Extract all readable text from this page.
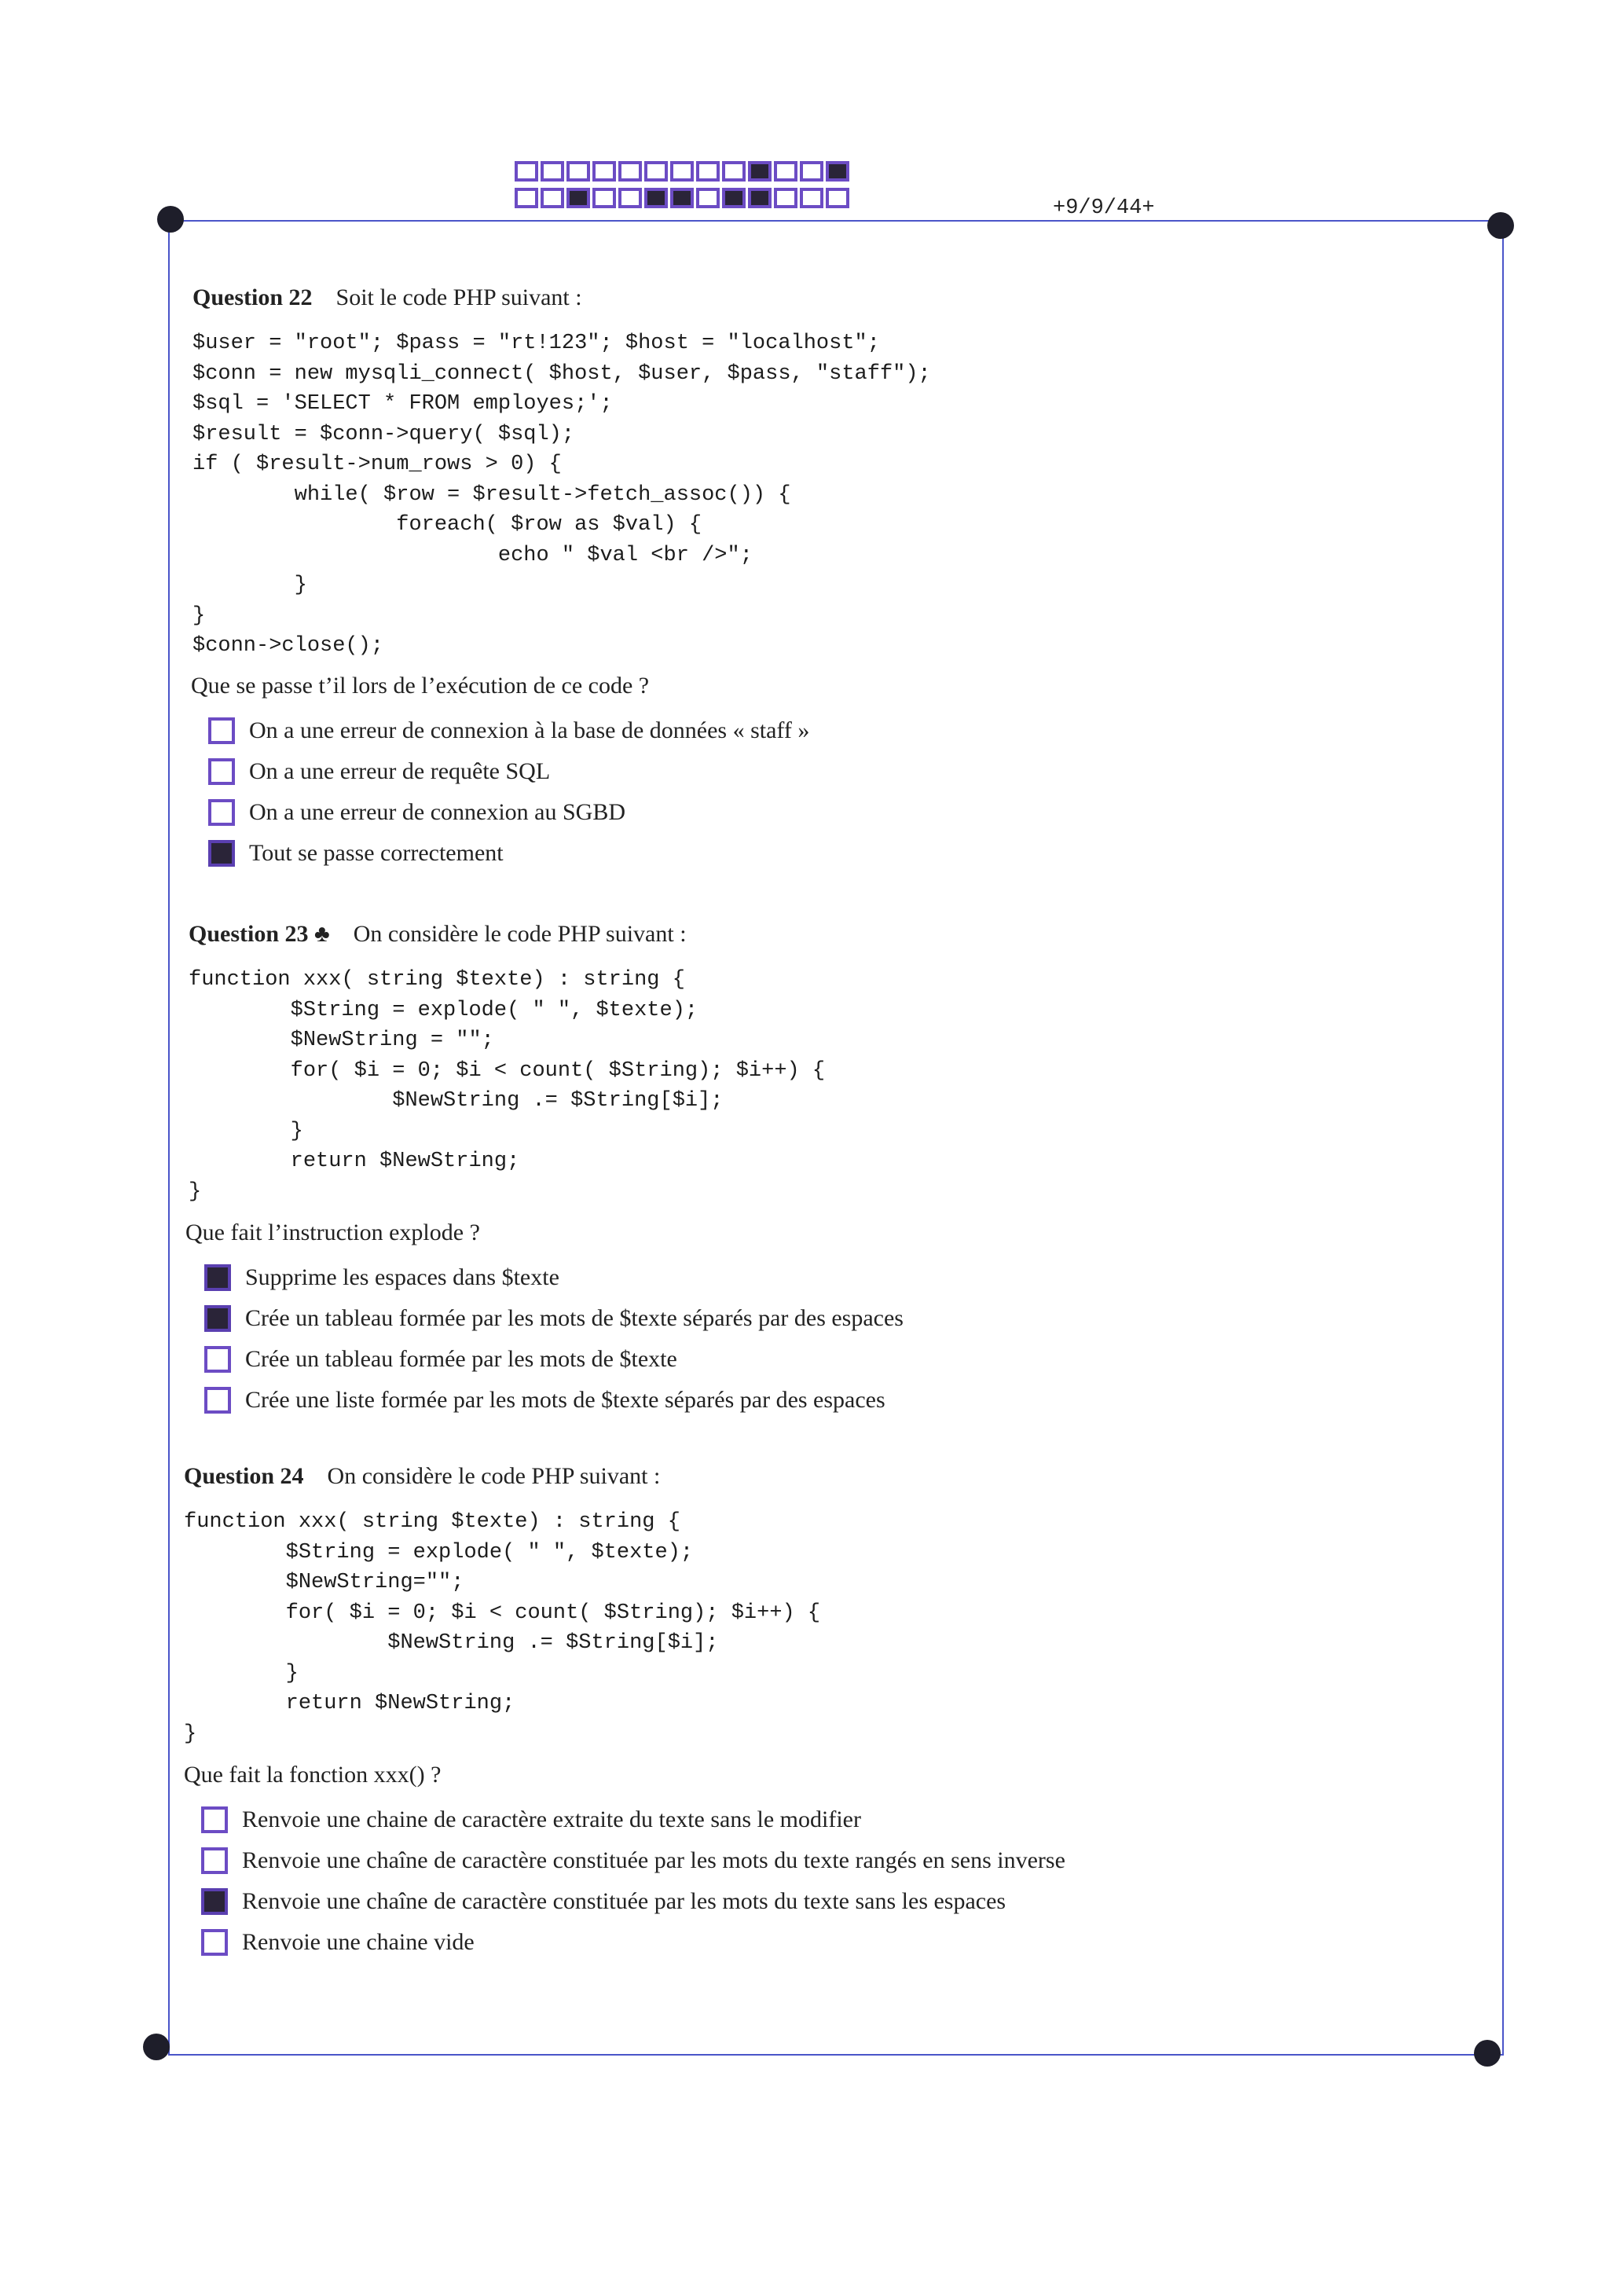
+9/9/44+
Question 22 Soit le code PHP suivant :
$user = "root"; $pass = "rt!123"; $host = "localhost";
$conn = new mysqli_connect( $host, $user, $pass, "staff");
$sql = 'SELECT * FROM employes;';
$result = $conn->query( $sql);
if ( $result->num_rows > 0) {
while( $row = $result->fetch_assoc()) {
foreach( $row as $val) {
echo " $val <br />";
}
}
$conn->close();
Que se passe t’il lors de l’exécution de ce code ?
On a une erreur de connexion à la base de données « staff »
On a une erreur de requête SQL
On a une erreur de connexion au SGBD
Tout se passe correctement
Question 23 ♣ On considère le code PHP suivant :
function xxx( string $texte) : string {
$String = explode( " ", $texte);
$NewString = "";
for( $i = 0; $i < count( $String); $i++) {
$NewString .= $String[$i];
}
return $NewString;
}
Que fait l’instruction explode ?
Supprime les espaces dans $texte
Crée un tableau formée par les mots de $texte séparés par des espaces
Crée un tableau formée par les mots de $texte
Crée une liste formée par les mots de $texte séparés par des espaces
Question 24 On considère le code PHP suivant :
function xxx( string $texte) : string {
$String = explode( " ", $texte);
$NewString="";
for( $i = 0; $i < count( $String); $i++) {
$NewString .= $String[$i];
}
return $NewString;
}
Que fait la fonction xxx() ?
Renvoie une chaine de caractère extraite du texte sans le modifier
Renvoie une chaîne de caractère constituée par les mots du texte rangés en sens inverse
Renvoie une chaîne de caractère constituée par les mots du texte sans les espaces
Renvoie une chaine vide
